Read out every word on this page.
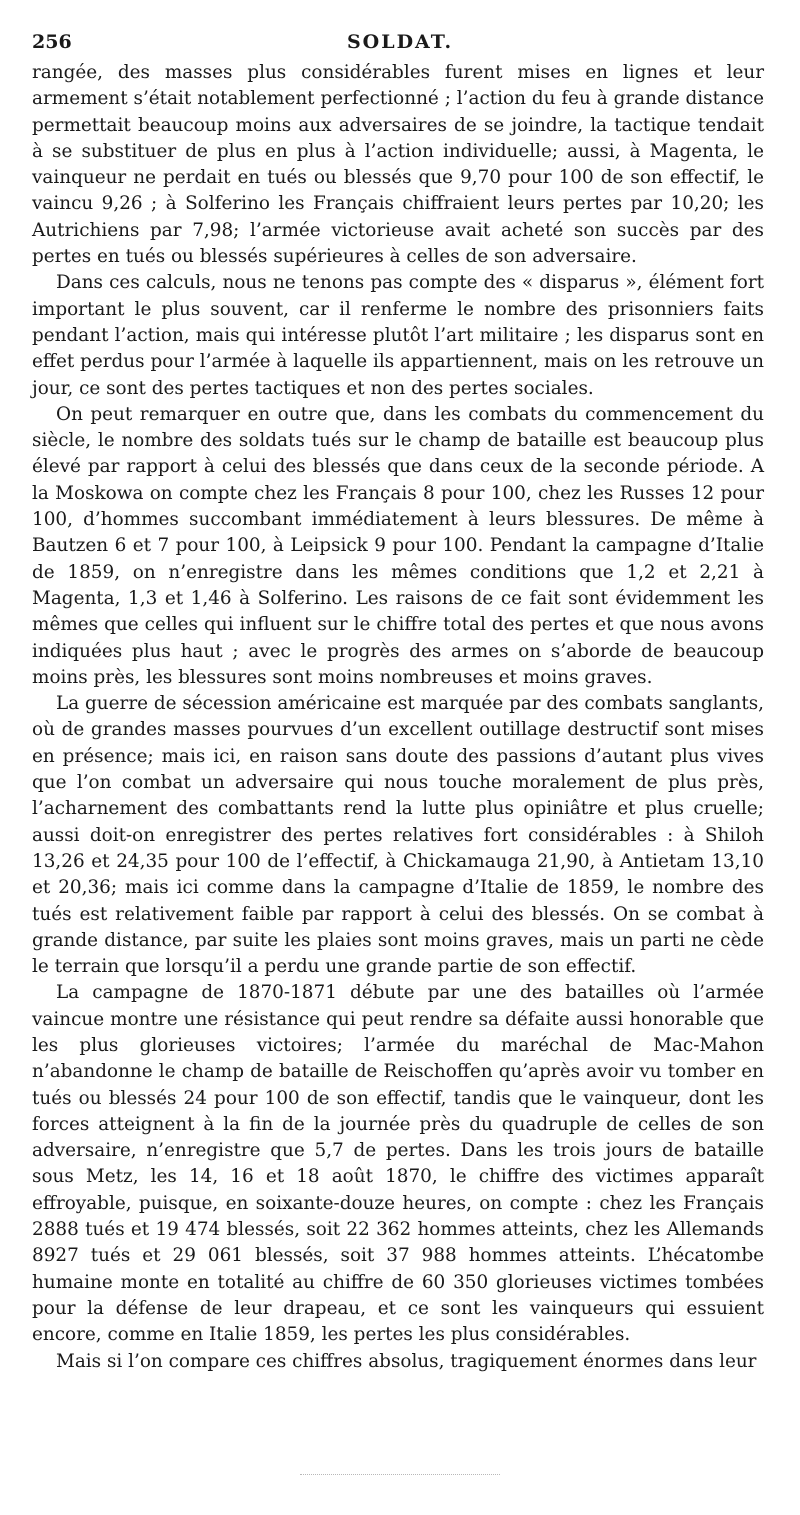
256	SOLDAT.

rangée, des masses plus considérables furent mises en lignes et leur armement s’était notablement perfectionné ; l’action du feu à grande distance permettait beaucoup moins aux adversaires de se joindre, la tactique tendait à se substituer de plus en plus à l’action individuelle; aussi, à Magenta, le vainqueur ne perdait en tués ou blessés que 9,70 pour 100 de son effectif, le vaincu 9,26 ; à Solferino les Français chiffraient leurs pertes par 10,20; les Autrichiens par 7,98; l’armée victorieuse avait acheté son succès par des pertes en tués ou blessés supérieures à celles de son adversaire.

Dans ces calculs, nous ne tenons pas compte des « disparus », élément fort important le plus souvent, car il renferme le nombre des prisonniers faits pendant l’action, mais qui intéresse plutôt l’art militaire ; les disparus sont en effet perdus pour l’armée à laquelle ils appartiennent, mais on les retrouve un jour, ce sont des pertes tactiques et non des pertes sociales.

On peut remarquer en outre que, dans les combats du commencement du siècle, le nombre des soldats tués sur le champ de bataille est beaucoup plus élevé par rapport à celui des blessés que dans ceux de la seconde période. A la Moskowa on compte chez les Français 8 pour 100, chez les Russes 12 pour 100, d’hommes succombant immédiatement à leurs blessures. De même à Bautzen 6 et 7 pour 100, à Leipsick 9 pour 100. Pendant la campagne d’Italie de 1859, on n’enregistre dans les mêmes conditions que 1,2 et 2,21 à Magenta, 1,3 et 1,46 à Solferino. Les raisons de ce fait sont évidemment les mêmes que celles qui influent sur le chiffre total des pertes et que nous avons indiquées plus haut ; avec le progrès des armes on s’aborde de beaucoup moins près, les blessures sont moins nombreuses et moins graves.

La guerre de sécession américaine est marquée par des combats sanglants, où de grandes masses pourvues d’un excellent outillage destructif sont mises en présence; mais ici, en raison sans doute des passions d’autant plus vives que l’on combat un adversaire qui nous touche moralement de plus près, l’acharnement des combattants rend la lutte plus opiniâtre et plus cruelle; aussi doit-on enregistrer des pertes relatives fort considérables : à Shiloh 13,26 et 24,35 pour 100 de l’effectif, à Chickamauga 21,90, à Antietam 13,10 et 20,36; mais ici comme dans la campagne d’Italie de 1859, le nombre des tués est relativement faible par rapport à celui des blessés. On se combat à grande distance, par suite les plaies sont moins graves, mais un parti ne cède le terrain que lorsqu’il a perdu une grande partie de son effectif.

La campagne de 1870-1871 débute par une des batailles où l’armée vaincue montre une résistance qui peut rendre sa défaite aussi honorable que les plus glorieuses victoires; l’armée du maréchal de Mac-Mahon n’abandonne le champ de bataille de Reischoffen qu’après avoir vu tomber en tués ou blessés 24 pour 100 de son effectif, tandis que le vainqueur, dont les forces atteignent à la fin de la journée près du quadruple de celles de son adversaire, n’enregistre que 5,7 de pertes. Dans les trois jours de bataille sous Metz, les 14, 16 et 18 août 1870, le chiffre des victimes apparaît effroyable, puisque, en soixante-douze heures, on compte : chez les Français 2888 tués et 19 474 blessés, soit 22 362 hommes atteints, chez les Allemands 8927 tués et 29 061 blessés, soit 37 988 hommes atteints. L’hécatombe humaine monte en totalité au chiffre de 60 350 glorieuses victimes tombées pour la défense de leur drapeau, et ce sont les vainqueurs qui essuient encore, comme en Italie 1859, les pertes les plus considérables.

Mais si l’on compare ces chiffres absolus, tragiquement énormes dans leur
